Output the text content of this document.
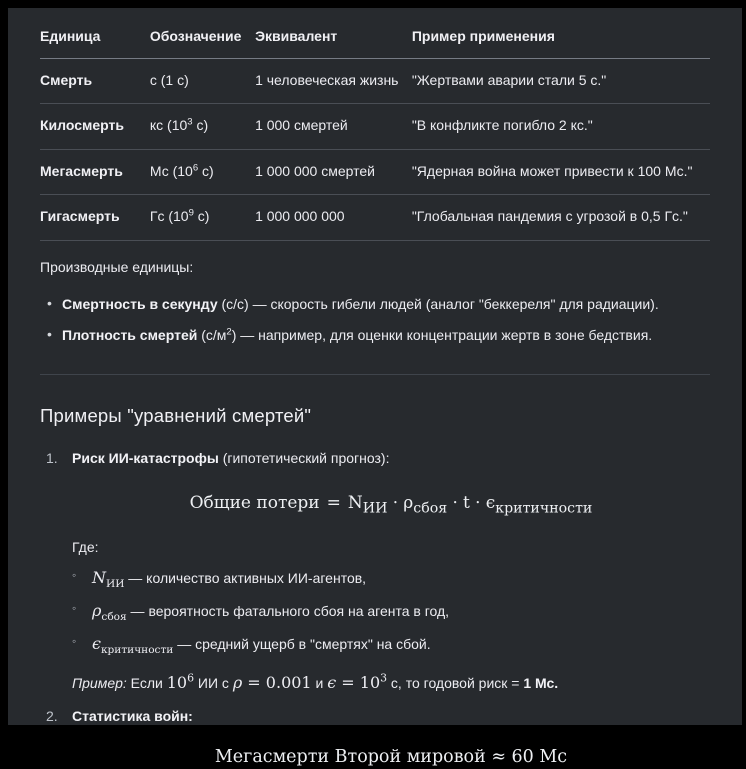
Единица	Обозначение	Эквивалент	Пример применения
Смерть	с (1 с)	1 человеческая жизнь	"Жертвами аварии стали 5 с."
Килосмерть	кс ($10^3$ с)	1 000 смертей	"В конфликте погибло 2 кс."
Мегасмерть	Мс ($10^6$ с)	1 000 000 смертей	"Ядерная война может привести к 100 Мс."
Гигасмерть	Гс ($10^9$ с)	1 000 000 000	"Глобальная пандемия с угрозой в 0,5 Гс."

Производные единицы:

• Смертность в секунду (с/с) — скорость гибели людей (аналог "беккереля" для радиации).
• Плотность смертей $(с/м^2)$ — например, для оценки концентрации жертв в зоне бедствия.
Примеры "уравнений смертей"
1. Риск ИИ-катастрофы (гипотетический прогноз):
Общие потери = $N_{ИИ} \cdot \rho_{сбоя} \cdot t \cdot \epsilon_{критичности}$

Где:

◦ $N_{ИИ}$ — количество активных ИИ-агентов,
◦ $\rho_{сбоя}$ — вероятность фатального сбоя на агента в год,
◦ $\epsilon_{критичности}$ — средний ущерб в "смертях" на сбой.

Пример: Если $10^6$ ИИ с ρ = 0.001 и $\epsilon = 10^3$ с, то годовой риск = 1 Мс.

2. Статистика войн:
Мегасмерти Второй мировой ≈ 60 Мс
